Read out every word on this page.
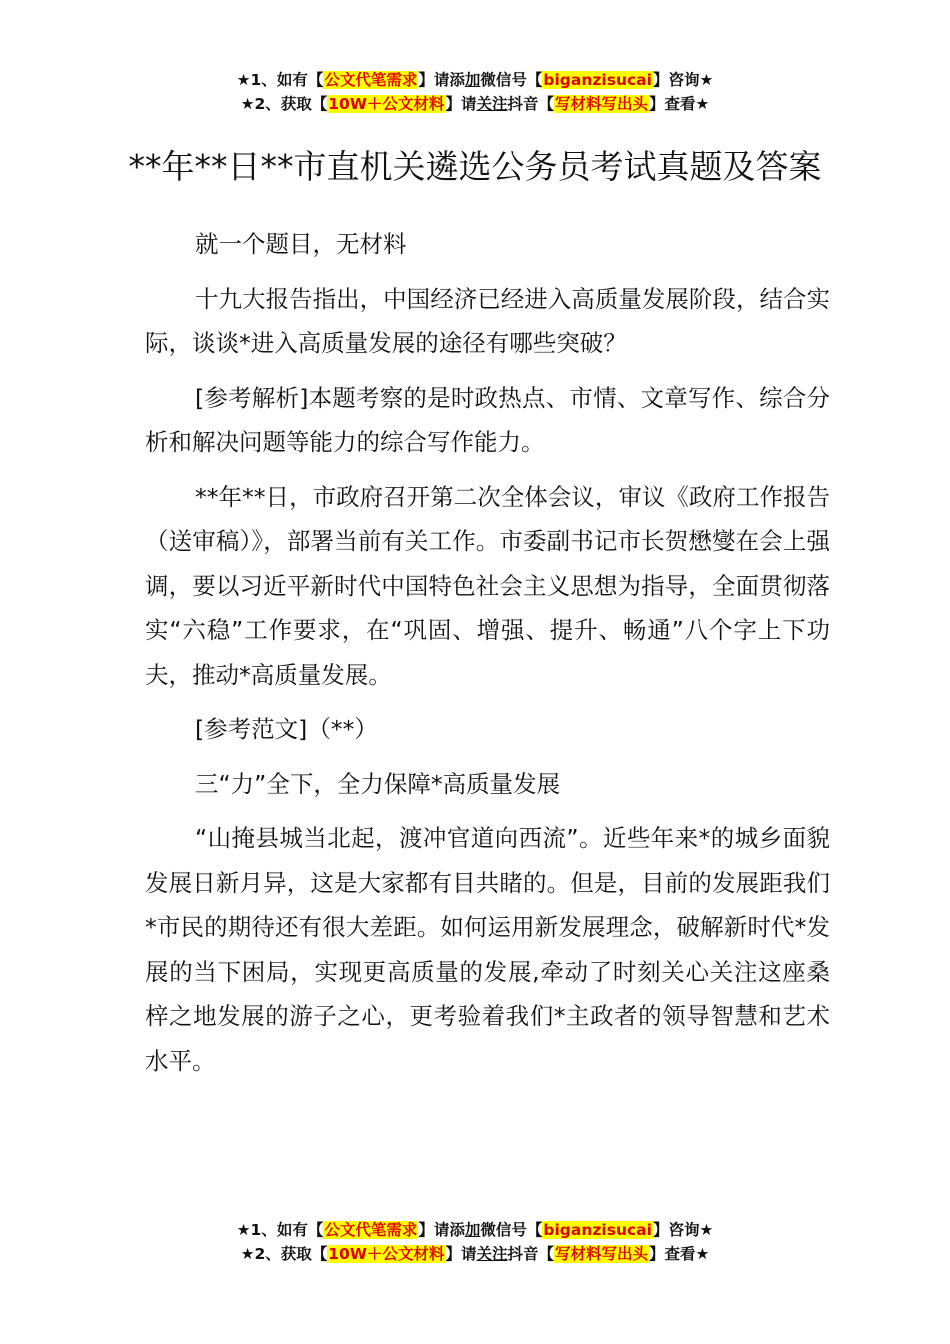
★1、如有【公文代笔需求】请添加微信号【biganzisucai】咨询★
★2、获取【10W＋公文材料】请关注抖音【写材料写出头】查看★
**年**日**市直机关遴选公务员考试真题及答案

就一个题目，无材料

十九大报告指出，中国经济已经进入高质量发展阶段，结合实际，谈谈*进入高质量发展的途径有哪些突破？

[参考解析]本题考察的是时政热点、市情、文章写作、综合分析和解决问题等能力的综合写作能力。

**年**日，市政府召开第二次全体会议，审议《政府工作报告（送审稿）》，部署当前有关工作。市委副书记市长贺懋燮在会上强调，要以习近平新时代中国特色社会主义思想为指导，全面贯彻落实“六稳”工作要求，在“巩固、增强、提升、畅通”八个字上下功夫，推动*高质量发展。

[参考范文]（**）

三“力”全下，全力保障*高质量发展

“山掩县城当北起，渡冲官道向西流”。近些年来*的城乡面貌发展日新月异，这是大家都有目共睹的。但是，目前的发展距我们*市民的期待还有很大差距。如何运用新发展理念，破解新时代*发展的当下困局，实现更高质量的发展,牵动了时刻关心关注这座桑梓之地发展的游子之心，更考验着我们*主政者的领导智慧和艺术水平。

★1、如有【公文代笔需求】请添加微信号【biganzisucai】咨询★
★2、获取【10W＋公文材料】请关注抖音【写材料写出头】查看★
